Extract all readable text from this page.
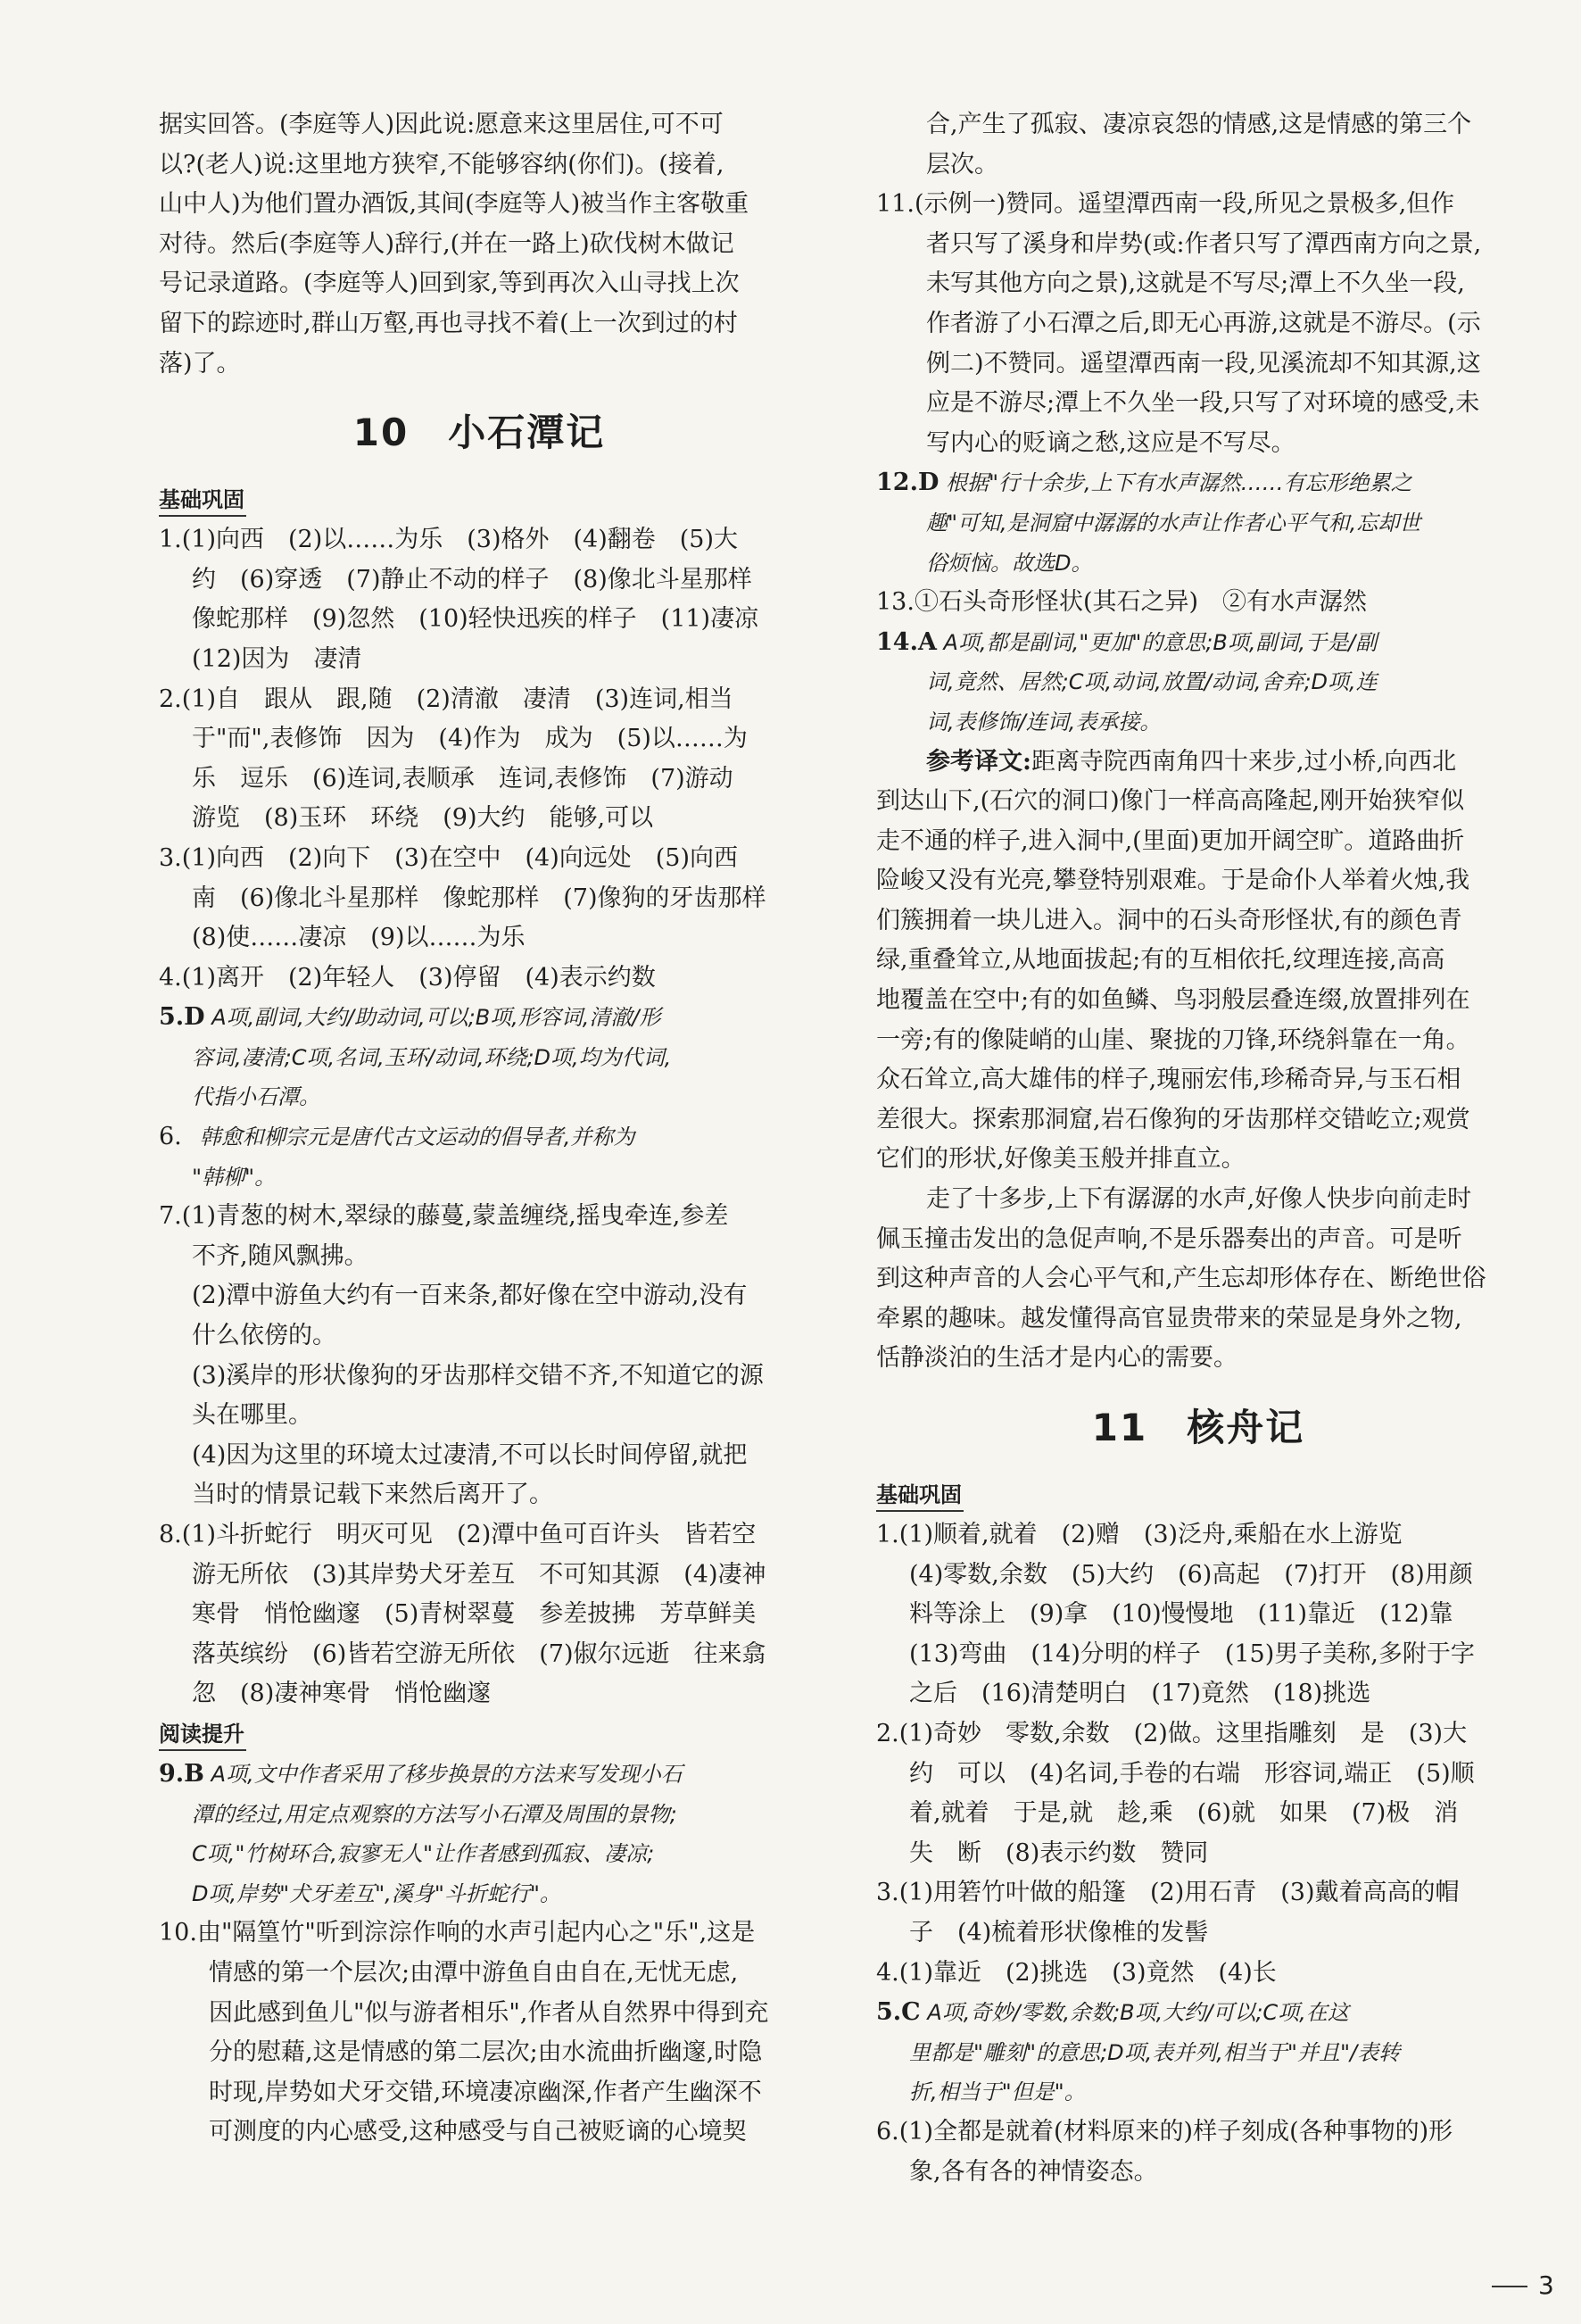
据实回答。(李庭等人)因此说:愿意来这里居住,可不可

以?(老人)说:这里地方狭窄,不能够容纳(你们)。(接着,

山中人)为他们置办酒饭,其间(李庭等人)被当作主客敬重

对待。然后(李庭等人)辞行,(并在一路上)砍伐树木做记

号记录道路。(李庭等人)回到家,等到再次入山寻找上次

留下的踪迹时,群山万壑,再也寻找不着(上一次到过的村

落)了。

10　小石潭记
基础巩固

1.(1)向西　(2)以……为乐　(3)格外　(4)翻卷　(5)大

约　(6)穿透　(7)静止不动的样子　(8)像北斗星那样

像蛇那样　(9)忽然　(10)轻快迅疾的样子　(11)凄凉

(12)因为　凄清

2.(1)自　跟从　跟,随　(2)清澈　凄清　(3)连词,相当

于"而",表修饰　因为　(4)作为　成为　(5)以……为

乐　逗乐　(6)连词,表顺承　连词,表修饰　(7)游动

游览　(8)玉环　环绕　(9)大约　能够,可以

3.(1)向西　(2)向下　(3)在空中　(4)向远处　(5)向西

南　(6)像北斗星那样　像蛇那样　(7)像狗的牙齿那样

(8)使……凄凉　(9)以……为乐

4.(1)离开　(2)年轻人　(3)停留　(4)表示约数

5.D A项,副词,大约/助动词,可以;B项,形容词,清澈/形

容词,凄清;C项,名词,玉环/动词,环绕;D项,均为代词,

代指小石潭。

6. 韩愈和柳宗元是唐代古文运动的倡导者,并称为

"韩柳"。

7.(1)青葱的树木,翠绿的藤蔓,蒙盖缠绕,摇曳牵连,参差

不齐,随风飘拂。

(2)潭中游鱼大约有一百来条,都好像在空中游动,没有

什么依傍的。

(3)溪岸的形状像狗的牙齿那样交错不齐,不知道它的源

头在哪里。

(4)因为这里的环境太过凄清,不可以长时间停留,就把

当时的情景记载下来然后离开了。

8.(1)斗折蛇行　明灭可见　(2)潭中鱼可百许头　皆若空

游无所依　(3)其岸势犬牙差互　不可知其源　(4)凄神

寒骨　悄怆幽邃　(5)青树翠蔓　参差披拂　芳草鲜美

落英缤纷　(6)皆若空游无所依　(7)俶尔远逝　往来翕

忽　(8)凄神寒骨　悄怆幽邃

阅读提升

9.B A项,文中作者采用了移步换景的方法来写发现小石

潭的经过,用定点观察的方法写小石潭及周围的景物;

C项,"竹树环合,寂寥无人"让作者感到孤寂、凄凉;

D项,岸势"犬牙差互",溪身"斗折蛇行"。

10.由"隔篁竹"听到淙淙作响的水声引起内心之"乐",这是

情感的第一个层次;由潭中游鱼自由自在,无忧无虑,

因此感到鱼儿"似与游者相乐",作者从自然界中得到充

分的慰藉,这是情感的第二层次;由水流曲折幽邃,时隐

时现,岸势如犬牙交错,环境凄凉幽深,作者产生幽深不

可测度的内心感受,这种感受与自己被贬谪的心境契

合,产生了孤寂、凄凉哀怨的情感,这是情感的第三个

层次。

11.(示例一)赞同。遥望潭西南一段,所见之景极多,但作

者只写了溪身和岸势(或:作者只写了潭西南方向之景,

未写其他方向之景),这就是不写尽;潭上不久坐一段,

作者游了小石潭之后,即无心再游,这就是不游尽。(示

例二)不赞同。遥望潭西南一段,见溪流却不知其源,这

应是不游尽;潭上不久坐一段,只写了对环境的感受,未

写内心的贬谪之愁,这应是不写尽。

12.D 根据"行十余步,上下有水声潺然……有忘形绝累之

趣"可知,是洞窟中潺潺的水声让作者心平气和,忘却世

俗烦恼。故选D。

13.①石头奇形怪状(其石之异)　②有水声潺然

14.A A项,都是副词,"更加"的意思;B项,副词,于是/副

词,竟然、居然;C项,动词,放置/动词,舍弃;D项,连

词,表修饰/连词,表承接。

参考译文:距离寺院西南角四十来步,过小桥,向西北

到达山下,(石穴的洞口)像门一样高高隆起,刚开始狭窄似

走不通的样子,进入洞中,(里面)更加开阔空旷。道路曲折

险峻又没有光亮,攀登特别艰难。于是命仆人举着火烛,我

们簇拥着一块儿进入。洞中的石头奇形怪状,有的颜色青

绿,重叠耸立,从地面拔起;有的互相依托,纹理连接,高高

地覆盖在空中;有的如鱼鳞、鸟羽般层叠连缀,放置排列在

一旁;有的像陡峭的山崖、聚拢的刀锋,环绕斜靠在一角。

众石耸立,高大雄伟的样子,瑰丽宏伟,珍稀奇异,与玉石相

差很大。探索那洞窟,岩石像狗的牙齿那样交错屹立;观赏

它们的形状,好像美玉般并排直立。

走了十多步,上下有潺潺的水声,好像人快步向前走时

佩玉撞击发出的急促声响,不是乐器奏出的声音。可是听

到这种声音的人会心平气和,产生忘却形体存在、断绝世俗

牵累的趣味。越发懂得高官显贵带来的荣显是身外之物,

恬静淡泊的生活才是内心的需要。

11　核舟记
基础巩固

1.(1)顺着,就着　(2)赠　(3)泛舟,乘船在水上游览

(4)零数,余数　(5)大约　(6)高起　(7)打开　(8)用颜

料等涂上　(9)拿　(10)慢慢地　(11)靠近　(12)靠

(13)弯曲　(14)分明的样子　(15)男子美称,多附于字

之后　(16)清楚明白　(17)竟然　(18)挑选

2.(1)奇妙　零数,余数　(2)做。这里指雕刻　是　(3)大

约　可以　(4)名词,手卷的右端　形容词,端正　(5)顺

着,就着　于是,就　趁,乘　(6)就　如果　(7)极　消

失　断　(8)表示约数　赞同

3.(1)用箬竹叶做的船篷　(2)用石青　(3)戴着高高的帽

子　(4)梳着形状像椎的发髻

4.(1)靠近　(2)挑选　(3)竟然　(4)长

5.C A项,奇妙/零数,余数;B项,大约/可以;C项,在这

里都是"雕刻"的意思;D项,表并列,相当于"并且"/表转

折,相当于"但是"。

6.(1)全都是就着(材料原来的)样子刻成(各种事物的)形

象,各有各的神情姿态。

3
